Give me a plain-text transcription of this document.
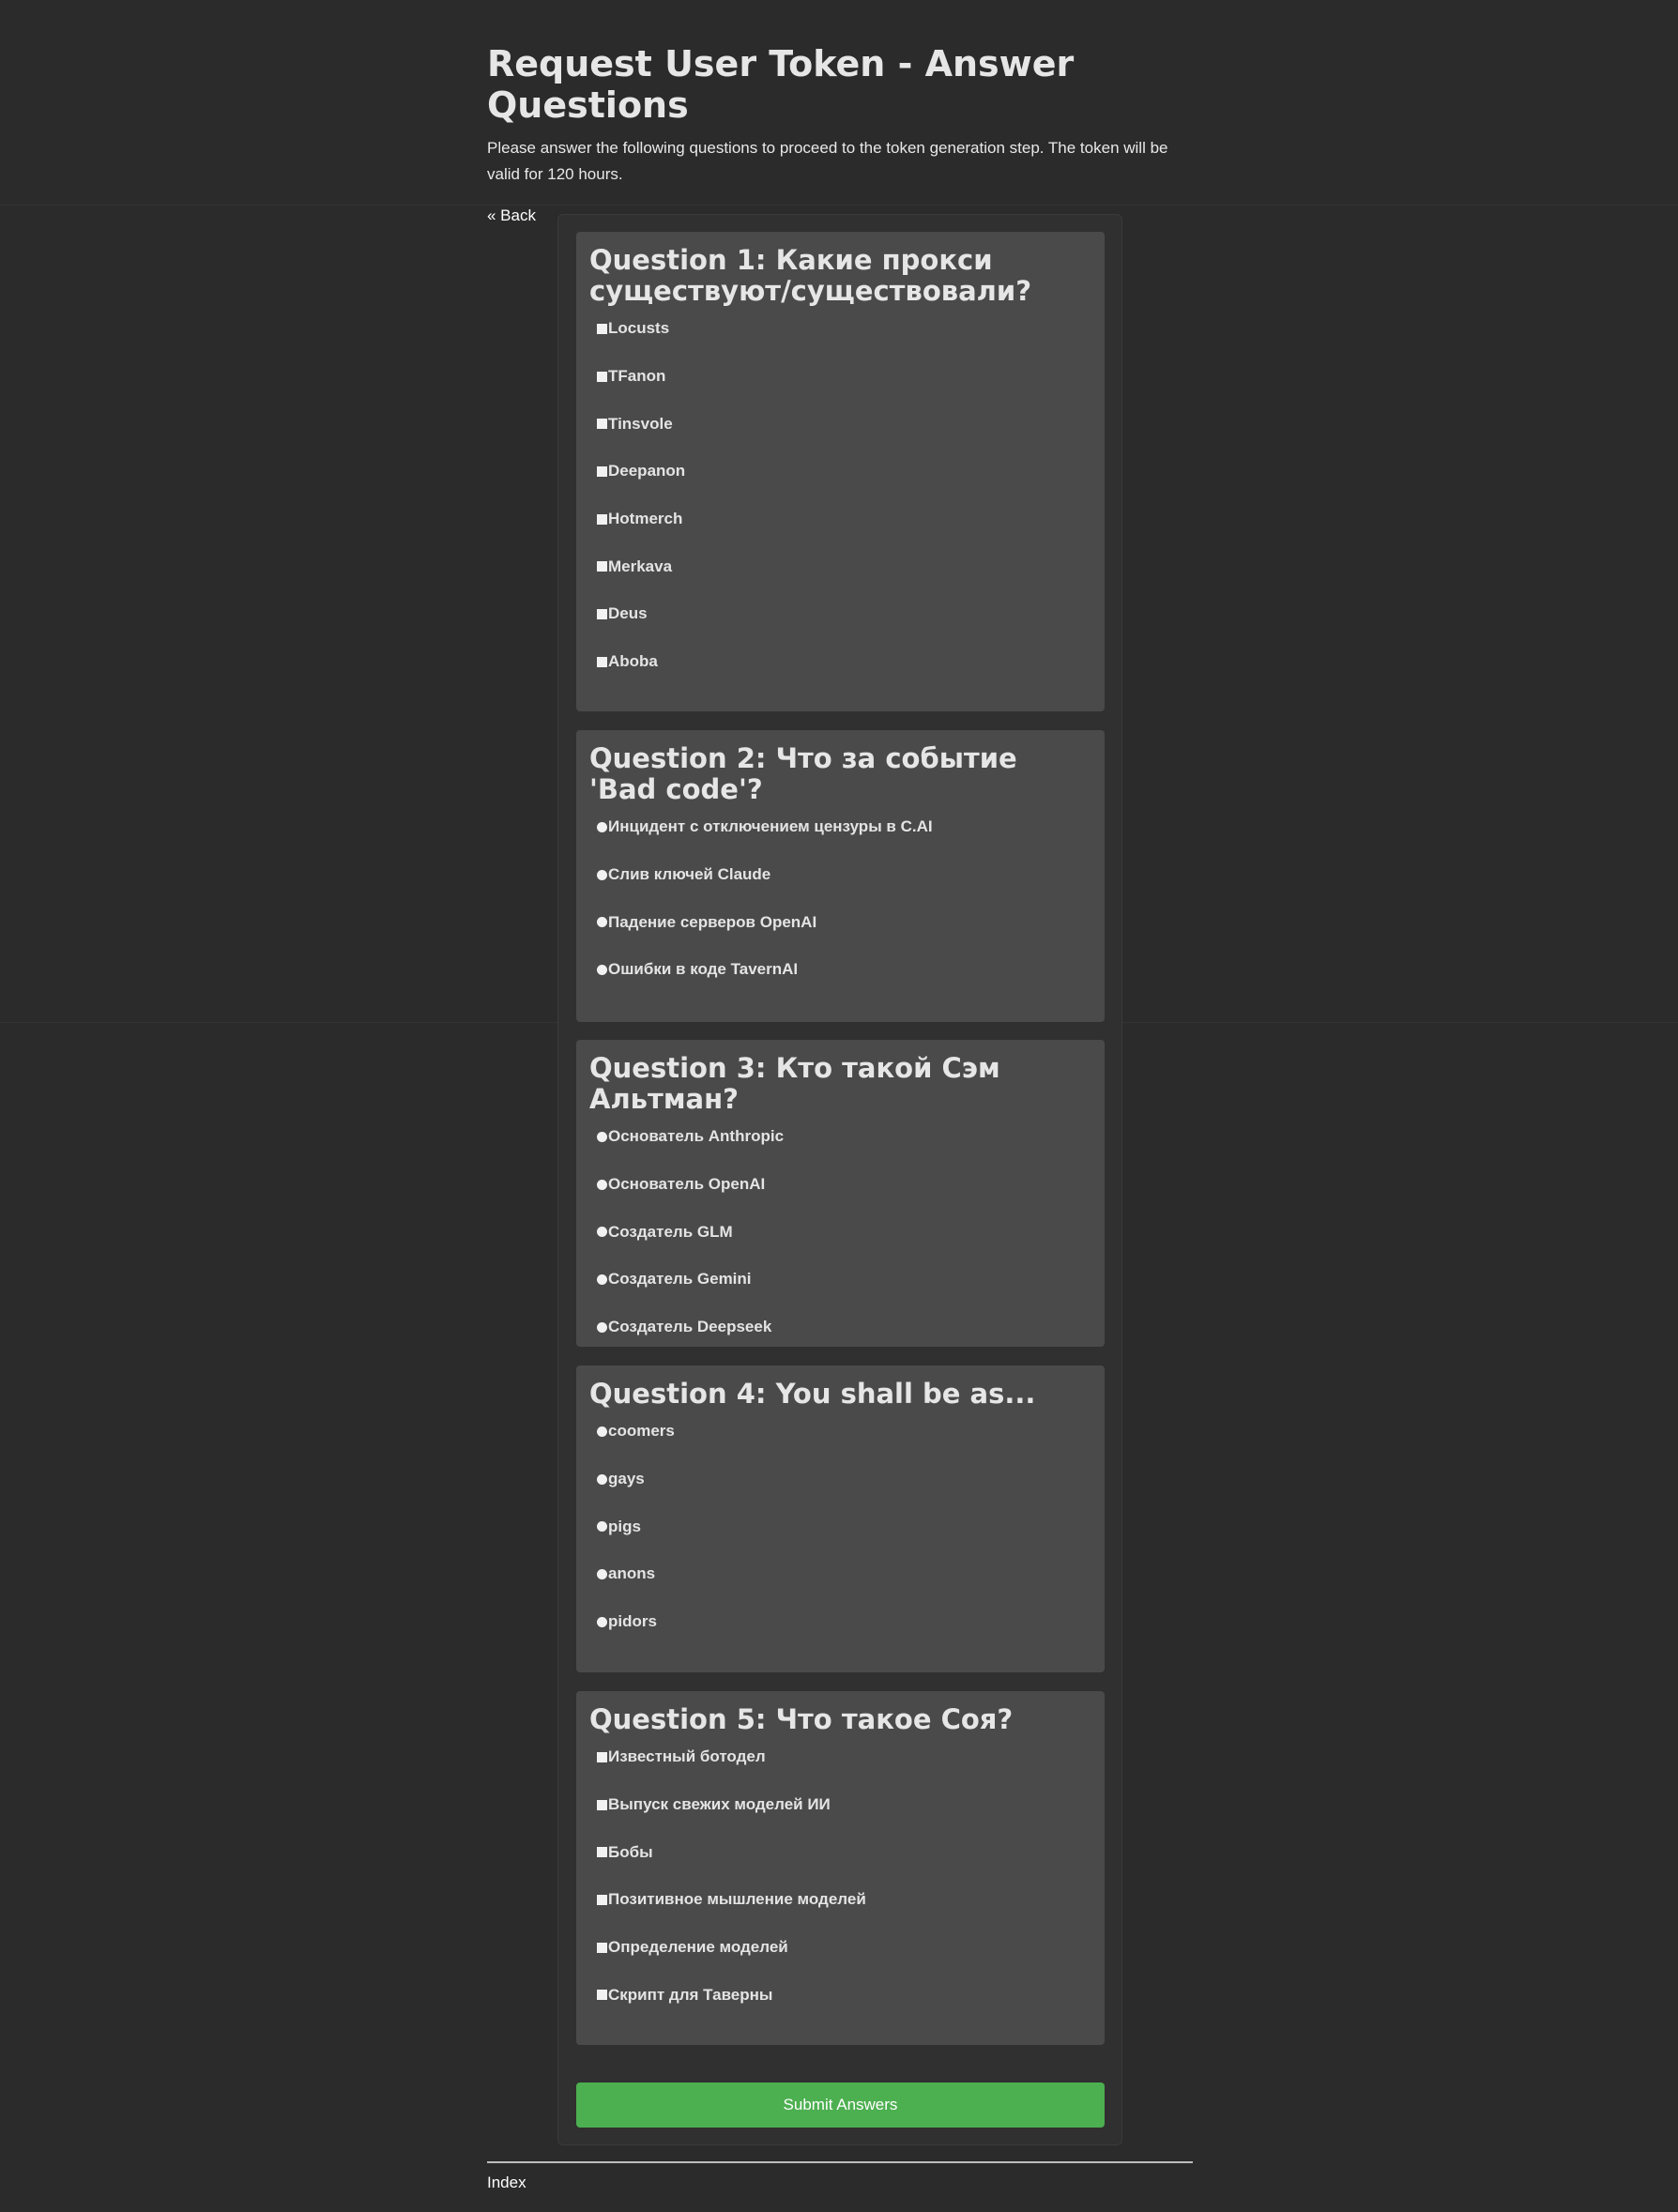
Request User Token - Answer Questions
Please answer the following questions to proceed to the token generation step. The token will be valid for 120 hours.
« Back
Question 1: Какие прокси существуют/существовали?
Locusts
TFanon
Tinsvole
Deepanon
Hotmerch
Merkava
Deus
Aboba
Question 2: Что за событие 'Bad code'?
Инцидент с отключением цензуры в C.AI
Слив ключей Claude
Падение серверов OpenAI
Ошибки в коде TavernAI
Question 3: Кто такой Сэм Альтман?
Основатель Anthropic
Основатель OpenAI
Создатель GLM
Создатель Gemini
Создатель Deepseek
Question 4: You shall be as...
coomers
gays
pigs
anons
pidors
Question 5: Что такое Соя?
Известный ботодел
Выпуск свежих моделей ИИ
Бобы
Позитивное мышление моделей
Определение моделей
Скрипт для Таверны
Submit Answers
Index
